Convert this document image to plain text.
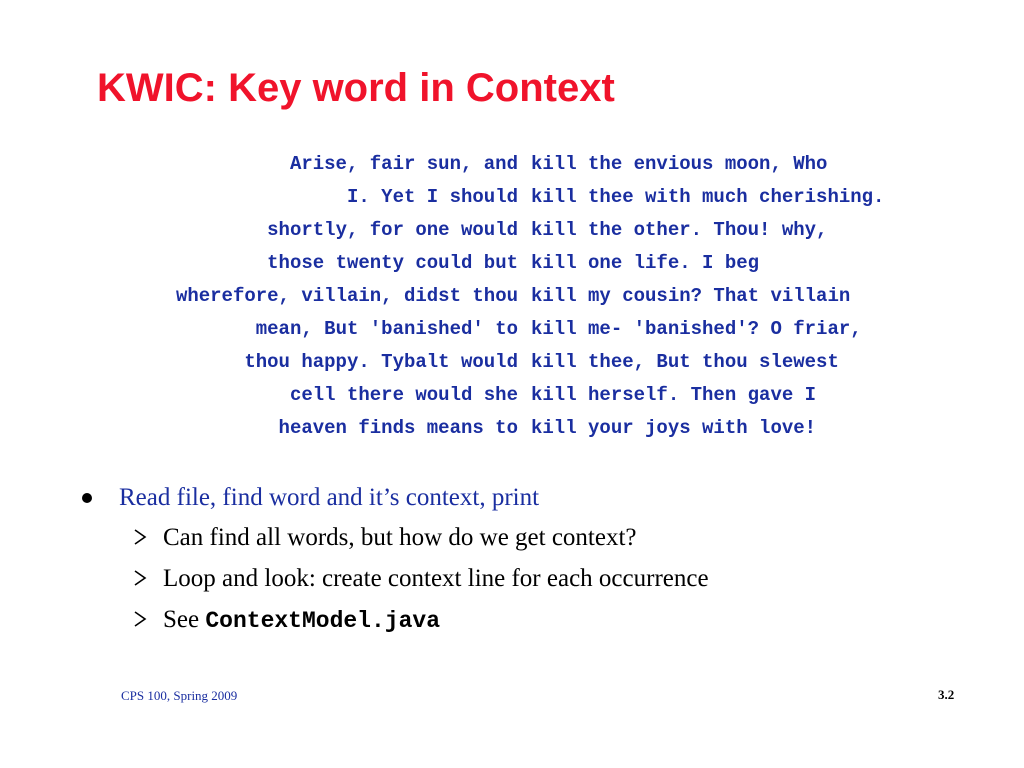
KWIC: Key word in Context
Arise, fair sun, and kill the envious moon, Who
I. Yet I should kill thee with much cherishing.
shortly, for one would kill the other. Thou! why,
those twenty could but kill one life. I beg
wherefore, villain, didst thou kill my cousin? That villain
mean, But 'banished' to kill me- 'banished'? O friar,
thou happy. Tybalt would kill thee, But thou slewest
cell there would she kill herself. Then gave I
heaven finds means to kill your joys with love!
Read file, find word and it’s context, print
Can find all words, but how do we get context?
Loop and look: create context line for each occurrence
See ContextModel.java
CPS 100, Spring 2009	3.2
